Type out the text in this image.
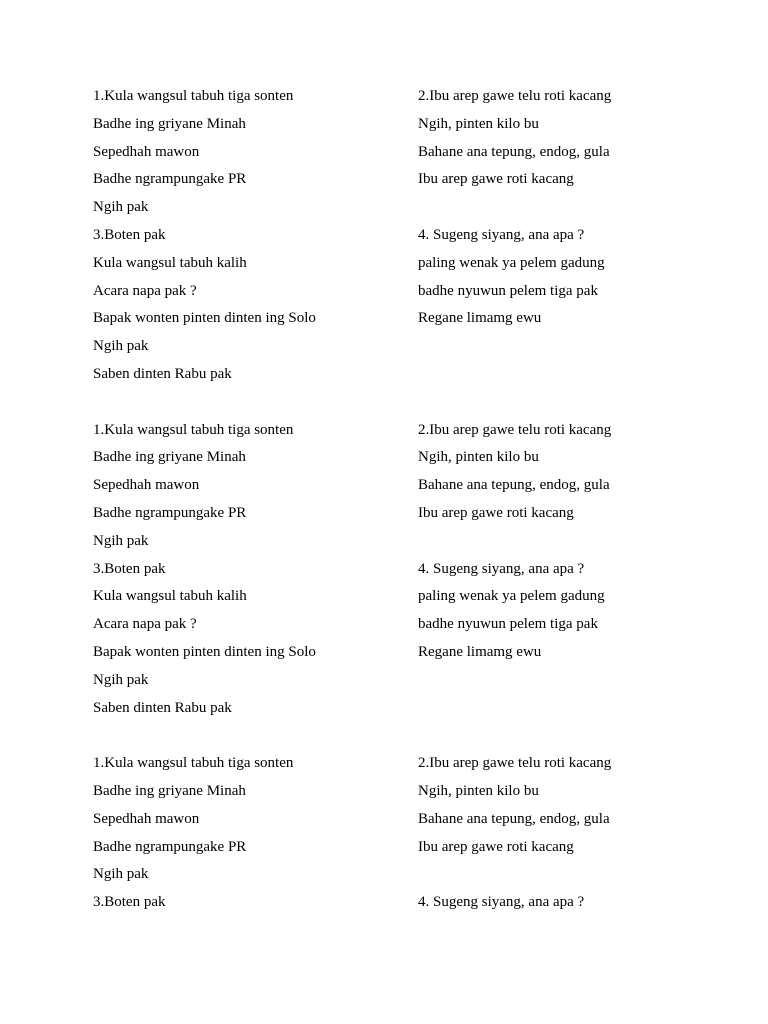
1.Kula wangsul tabuh tiga sonten
Badhe ing griyane Minah
Sepedhah mawon
Badhe ngrampungake PR
Ngih pak
3.Boten pak
Kula wangsul tabuh kalih
Acara napa pak ?
Bapak wonten pinten dinten ing Solo
Ngih pak
Saben dinten Rabu pak
1.Kula wangsul tabuh tiga sonten
Badhe ing griyane Minah
Sepedhah mawon
Badhe ngrampungake PR
Ngih pak
3.Boten pak
Kula wangsul tabuh kalih
Acara napa pak ?
Bapak wonten pinten dinten ing Solo
Ngih pak
Saben dinten Rabu pak
1.Kula wangsul tabuh tiga sonten
Badhe ing griyane Minah
Sepedhah mawon
Badhe ngrampungake PR
Ngih pak
3.Boten pak
2.Ibu arep gawe telu roti kacang
Ngih, pinten kilo bu
Bahane ana tepung, endog, gula
Ibu arep gawe roti kacang
4. Sugeng siyang, ana apa ?
paling wenak ya pelem gadung
badhe nyuwun pelem tiga pak
Regane limamg ewu
2.Ibu arep gawe telu roti kacang
Ngih, pinten kilo bu
Bahane ana tepung, endog, gula
Ibu arep gawe roti kacang
4. Sugeng siyang, ana apa ?
paling wenak ya pelem gadung
badhe nyuwun pelem tiga pak
Regane limamg ewu
2.Ibu arep gawe telu roti kacang
Ngih, pinten kilo bu
Bahane ana tepung, endog, gula
Ibu arep gawe roti kacang
4. Sugeng siyang, ana apa ?
